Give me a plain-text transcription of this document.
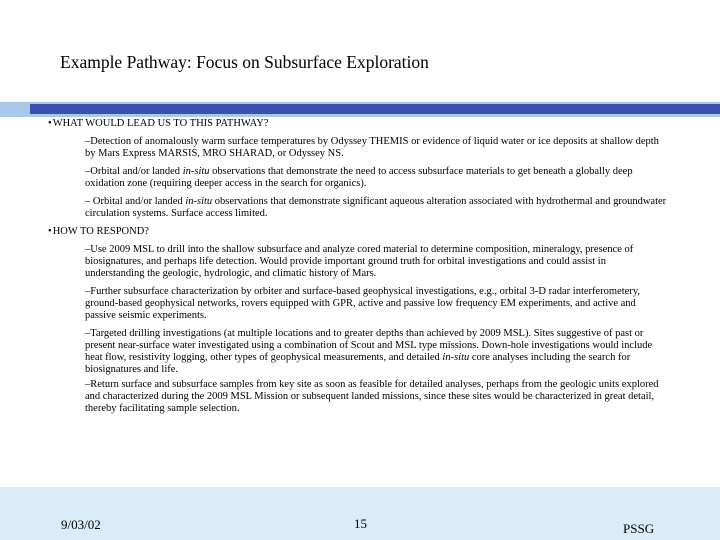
Example Pathway: Focus on Subsurface Exploration
•WHAT WOULD LEAD US TO THIS PATHWAY?
–Detection of anomalously warm surface temperatures by Odyssey THEMIS or evidence of liquid water or ice deposits at shallow depth by Mars Express MARSIS, MRO SHARAD, or Odyssey NS.
–Orbital and/or landed in-situ observations that demonstrate the need to access subsurface materials to get beneath a globally deep oxidation zone (requiring deeper access in the search for organics).
– Orbital and/or landed in-situ observations that demonstrate significant aqueous alteration associated with hydrothermal and groundwater circulation systems. Surface access limited.
•HOW TO RESPOND?
–Use 2009 MSL to drill into the shallow subsurface and analyze cored material to determine composition, mineralogy, presence of biosignatures, and perhaps life detection. Would provide important ground truth for orbital investigations and could assist in understanding the geologic, hydrologic, and climatic history of Mars.
–Further subsurface characterization by orbiter and surface-based geophysical investigations, e.g., orbital 3-D radar interferometery, ground-based geophysical networks, rovers equipped with GPR, active and passive low frequency EM experiments, and active and passive seismic experiments.
–Targeted drilling investigations (at multiple locations and to greater depths than achieved by 2009 MSL). Sites suggestive of past or present near-surface water investigated using a combination of Scout and MSL type missions. Down-hole investigations would include heat flow, resistivity logging, other types of geophysical measurements, and detailed in-situ core analyses including the search for biosignatures and life.
–Return surface and subsurface samples from key site as soon as feasible for detailed analyses, perhaps from the geologic units explored and characterized during the 2009 MSL Mission or subsequent landed missions, since these sites would be characterized in great detail, thereby facilitating sample selection.
9/03/02	15	PSSG
